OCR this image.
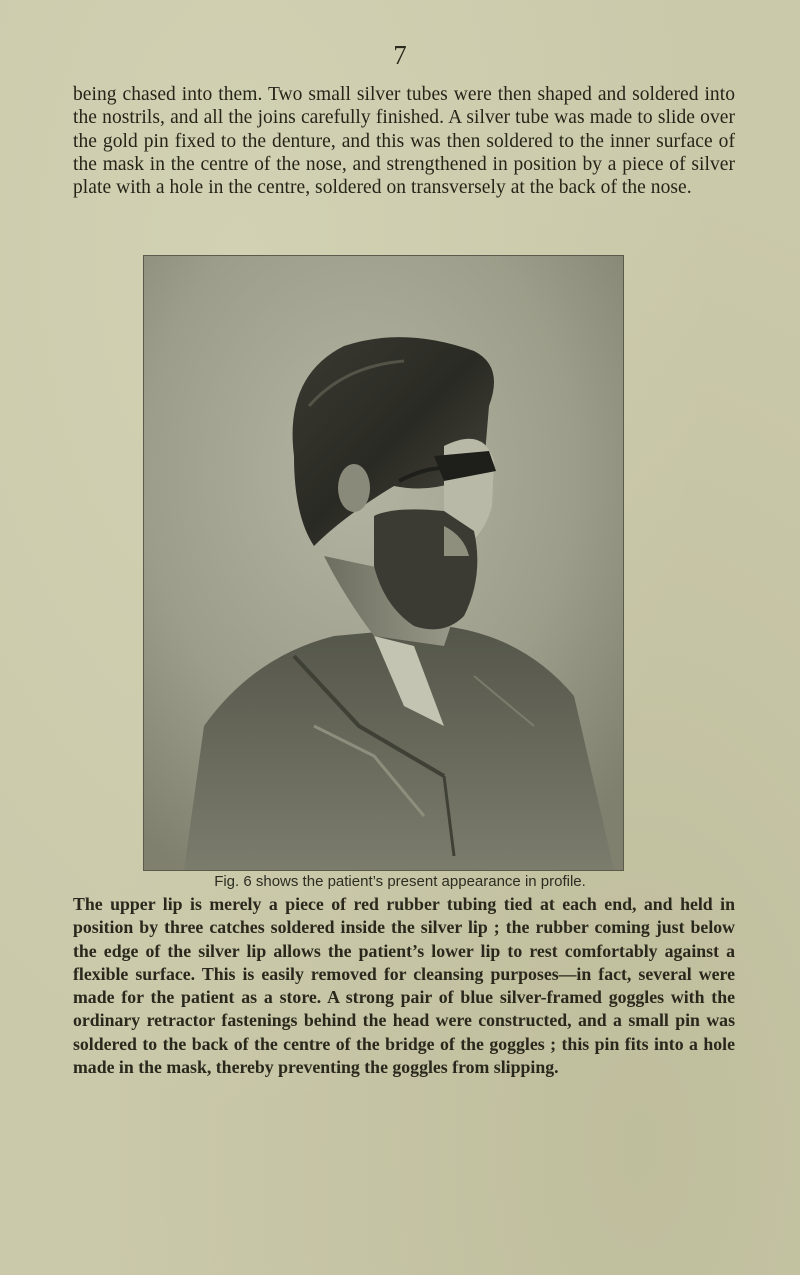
7

being chased into them. Two small silver tubes were then shaped and soldered into the nostrils, and all the joins carefully finished. A silver tube was made to slide over the gold pin fixed to the denture, and this was then soldered to the inner surface of the mask in the centre of the nose, and strengthened in position by a piece of silver plate with a hole in the centre, soldered on transversely at the back of the nose.

Fig. 6 shows the patient’s present appearance in profile.

The upper lip is merely a piece of red rubber tubing tied at each end, and held in position by three catches soldered inside the silver lip ; the rubber coming just below the edge of the silver lip allows the patient’s lower lip to rest comfortably against a flexible surface. This is easily removed for cleansing purposes—in fact, several were made for the patient as a store. A strong pair of blue silver-framed goggles with the ordinary retractor fastenings behind the head were constructed, and a small pin was soldered to the back of the centre of the bridge of the goggles ; this pin fits into a hole made in the mask, thereby preventing the goggles from slipping.
